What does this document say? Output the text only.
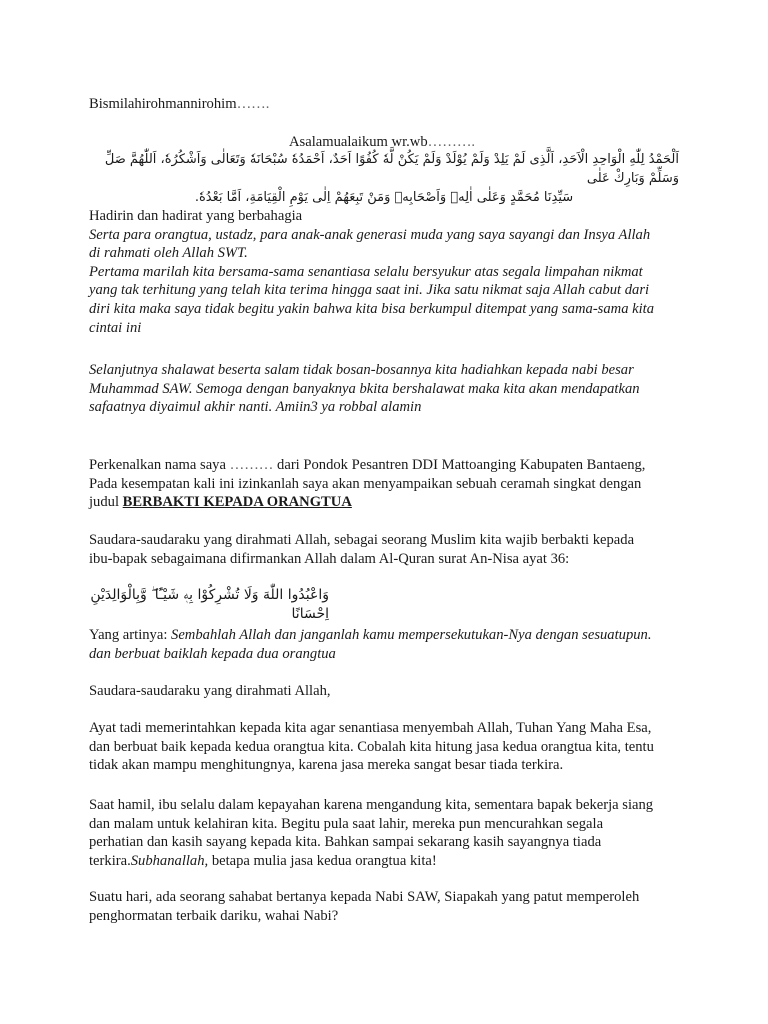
Bismilahirohmannirohim…….

Asalamualaikum wr.wb……….

اَلْحَمْدُ لِلّٰهِ الْوَاحِدِ الْاَحَدِ، اَلَّذِى لَمْ يَلِدْ وَلَمْ يُوْلَدْ وَلَمْ يَكُنْ لَّهٗ كُفُوًا اَحَدٌ، اَحْمَدُهٗ سُبْحَانَهٗ وَتَعَالٰى وَاَشْكُرُهٗ، اَللّٰهُمَّ صَلِّ وَسَلِّمْ وَبَارِكْ عَلٰى
سَيِّدِنَا مُحَمَّدٍ وَعَلٰى اٰلِهٖ وَاَصْحَابِهٖ وَمَنْ تَبِعَهُمْ اِلٰى يَوْمِ الْقِيَامَةِ، اَمَّا بَعْدُهٗ.
Hadirin dan hadirat yang berbahagia
Serta para orangtua, ustadz, para anak-anak generasi muda yang saya sayangi dan Insya Allah
di rahmati oleh Allah SWT.
Pertama marilah kita bersama-sama senantiasa selalu bersyukur atas segala limpahan nikmat
yang tak terhitung yang telah kita terima hingga saat ini. Jika satu nikmat saja Allah cabut dari
diri kita maka saya tidak begitu yakin bahwa kita bisa berkumpul ditempat yang sama-sama kita
cintai ini
Selanjutnya shalawat beserta salam tidak bosan-bosannya kita hadiahkan kepada nabi besar
Muhammad SAW. Semoga dengan banyaknya bkita bershalawat maka kita akan mendapatkan
safaatnya diyaimul akhir nanti. Amiin3 ya robbal alamin
Perkenalkan nama saya ……… dari Pondok Pesantren DDI Mattoanging Kabupaten Bantaeng,
Pada kesempatan kali ini izinkanlah saya akan menyampaikan sebuah ceramah singkat dengan
judul BERBAKTI KEPADA ORANGTUA
Saudara-saudaraku yang dirahmati Allah, sebagai seorang Muslim kita wajib berbakti kepada
ibu-bapak sebagaimana difirmankan Allah dalam Al-Quran surat An-Nisa ayat 36:

وَاعْبُدُوا اللّٰهَ وَلَا تُشْرِكُوْا بِهٖ شَيْـًٔا ۖ وَّبِالْوَالِدَيْنِ اِحْسَانًا

Yang artinya: Sembahlah Allah dan janganlah kamu mempersekutukan-Nya dengan sesuatupun.
dan berbuat baiklah kepada dua orangtua

Saudara-saudaraku yang dirahmati Allah,

Ayat tadi memerintahkan kepada kita agar senantiasa menyembah Allah, Tuhan Yang Maha Esa,
dan berbuat baik kepada kedua orangtua kita. Cobalah kita hitung jasa kedua orangtua kita, tentu
tidak akan mampu menghitungnya, karena jasa mereka sangat besar tiada terkira.
Saat hamil, ibu selalu dalam kepayahan karena mengandung kita, sementara bapak bekerja siang
dan malam untuk kelahiran kita. Begitu pula saat lahir, mereka pun mencurahkan segala
perhatian dan kasih sayang kepada kita. Bahkan sampai sekarang kasih sayangnya tiada
terkira.Subhanallah, betapa mulia jasa kedua orangtua kita!
Suatu hari, ada seorang sahabat bertanya kepada Nabi SAW, Siapakah yang patut memperoleh
penghormatan terbaik dariku, wahai Nabi?
